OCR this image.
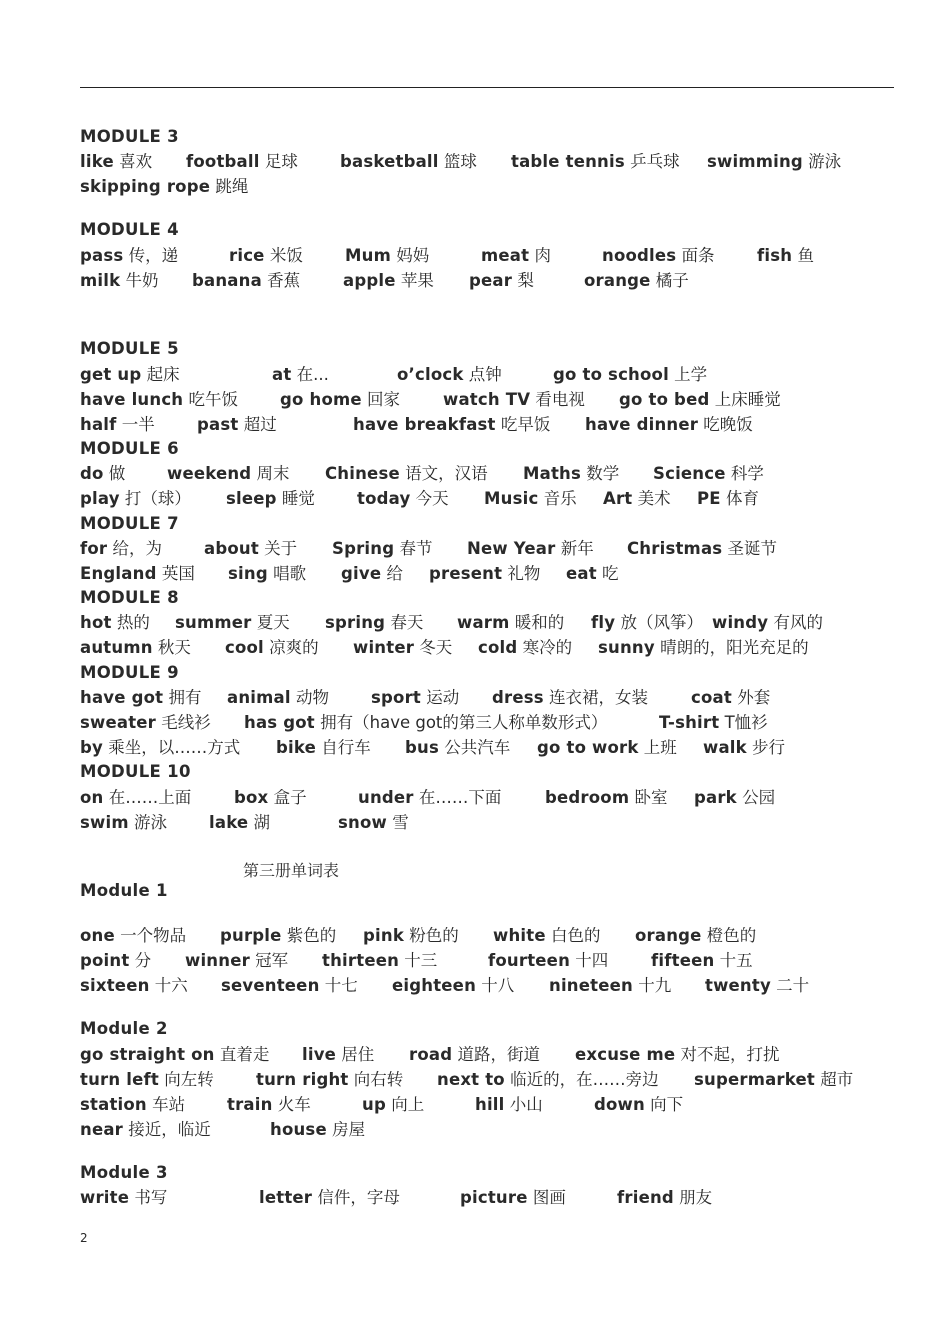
MODULE 3
like 喜欢 football 足球	basketball 篮球 table tennis 乒乓球 swimming 游泳
skipping rope 跳绳
MODULE 4
pass 传，递	rice 米饭	Mum 妈妈	meat 肉	noodles 面条	fish 鱼
milk 牛奶 banana 香蕉	apple 苹果 pear 梨	orange 橘子
MODULE 5
get up 起床	at 在...	o’clock 点钟	go to school 上学
have lunch 吃午饭	go home 回家	watch TV 看电视 go to bed 上床睡觉
half 一半	past 超过	have breakfast 吃早饭 have dinner 吃晚饭
MODULE 6
do 做	weekend 周末 Chinese 语文，汉语 Maths 数学 Science 科学
play 打（球） sleep 睡觉	today 今天 Music 音乐 Art 美术 PE 体育
MODULE 7
for 给，为	about 关于 Spring 春节 New Year 新年 Christmas 圣诞节
England 英国 sing 唱歌 give 给 present 礼物 eat 吃
MODULE 8
hot 热的 summer 夏天 spring 春天 warm 暖和的 fly 放（风筝） windy 有风的
autumn 秋天 cool 凉爽的 winter 冬天 cold 寒冷的 sunny 晴朗的，阳光充足的
MODULE 9
have got 拥有 animal 动物	sport 运动 dress 连衣裙，女装	coat 外套
sweater 毛线衫 has got 拥有（have got的第三人称单数形式）	T-shirt T恤衫
by 乘坐，以……方式 bike 自行车 bus 公共汽车 go to work 上班 walk 步行
MODULE 10
on 在……上面	box 盒子	under 在……下面	bedroom 卧室 park 公园
swim 游泳	lake 湖	snow 雪
Module 1
one 一个物品 purple 紫色的 pink 粉色的 white 白色的 orange 橙色的
point 分 winner 冠军 thirteen 十三	fourteen 十四	fifteen 十五
sixteen 十六 seventeen 十七 eighteen 十八 nineteen 十九 twenty 二十
Module 2
go straight on 直着走 live 居住 road 道路，街道 excuse me 对不起，打扰
turn left 向左转	turn right 向右转 next to 临近的，在……旁边 supermarket 超市
station 车站	train 火车	up 向上	hill 小山	down 向下
near 接近，临近	house 房屋
Module 3
write 书写	letter 信件，字母	picture 图画	friend 朋友
第三册单词表
2
